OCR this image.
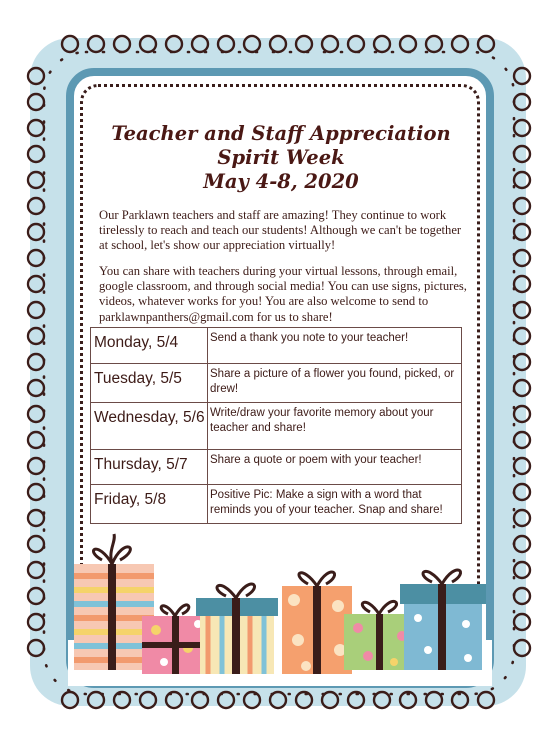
Teacher and Staff Appreciation
Spirit Week
May 4-8, 2020
Our Parklawn teachers and staff are amazing! They continue to work tirelessly to reach and teach our students! Although we can't be together at school, let's show our appreciation virtually!
You can share with teachers during your virtual lessons, through email, google classroom, and through social media! You can use signs, pictures, videos, whatever works for you! You are also welcome to send to parklawnpanthers@gmail.com for us to share!
Monday, 5/4	Send a thank you note to your teacher!
Tuesday, 5/5	Share a picture of a flower you found, picked, or drew!
Wednesday, 5/6	Write/draw your favorite memory about your teacher and share!
Thursday, 5/7	Share a quote or poem with your teacher!
Friday, 5/8	Positive Pic: Make a sign with a word that reminds you of your teacher. Snap and share!
